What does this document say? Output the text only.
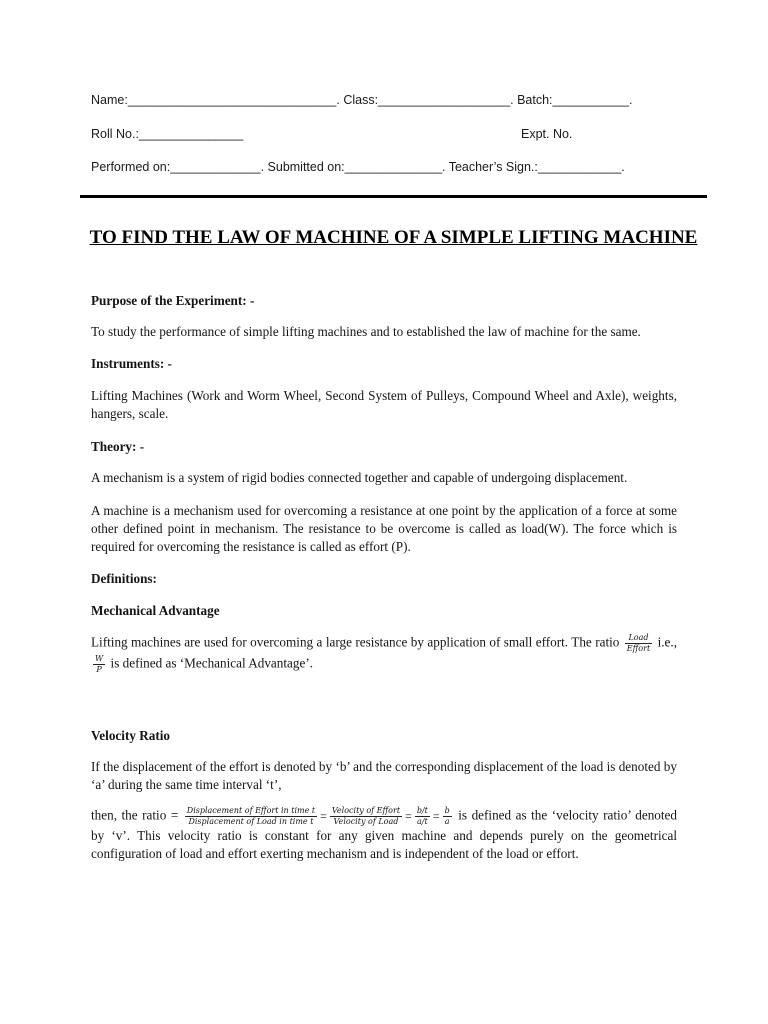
Name:______________________________. Class:___________________. Batch:___________.
Roll No.:_______________	Expt. No.
Performed on:_____________. Submitted on:______________. Teacher’s Sign.:____________.
TO FIND THE LAW OF MACHINE OF A SIMPLE LIFTING MACHINE
Purpose of the Experiment: -
To study the performance of simple lifting machines and to established the law of machine for the same.
Instruments: -
Lifting Machines (Work and Worm Wheel, Second System of Pulleys, Compound Wheel and Axle), weights, hangers, scale.
Theory: -
A mechanism is a system of rigid bodies connected together and capable of undergoing displacement.
A machine is a mechanism used for overcoming a resistance at one point by the application of a force at some other defined point in mechanism. The resistance to be overcome is called as load(W). The force which is required for overcoming the resistance is called as effort (P).
Definitions:
Mechanical Advantage
Lifting machines are used for overcoming a large resistance by application of small effort. The ratio $\frac{\text{Load}}{\text{Effort}} i.e$.,
$\frac{W}{P}$ is defined as ‘Mechanical Advantage’.
Velocity Ratio
If the displacement of the effort is denoted by ‘b’ and the corresponding displacement of the load is denoted by ‘a’ during the same time interval ‘t’,
then, the ratio = $\frac{\text{Displacement of Effort in time t}}{\text{Displacement of Load in time t}} = \frac{\text{Velocity of Effort}}{\text{Velocity of Load}} = \frac{b/t}{a/t} = \frac{b}{a}$ is defined as the ‘velocity ratio’ denoted by ‘v’. This velocity ratio is constant for any given machine and depends purely on the geometrical configuration of load and effort exerting mechanism and is independent of the load or effort.
